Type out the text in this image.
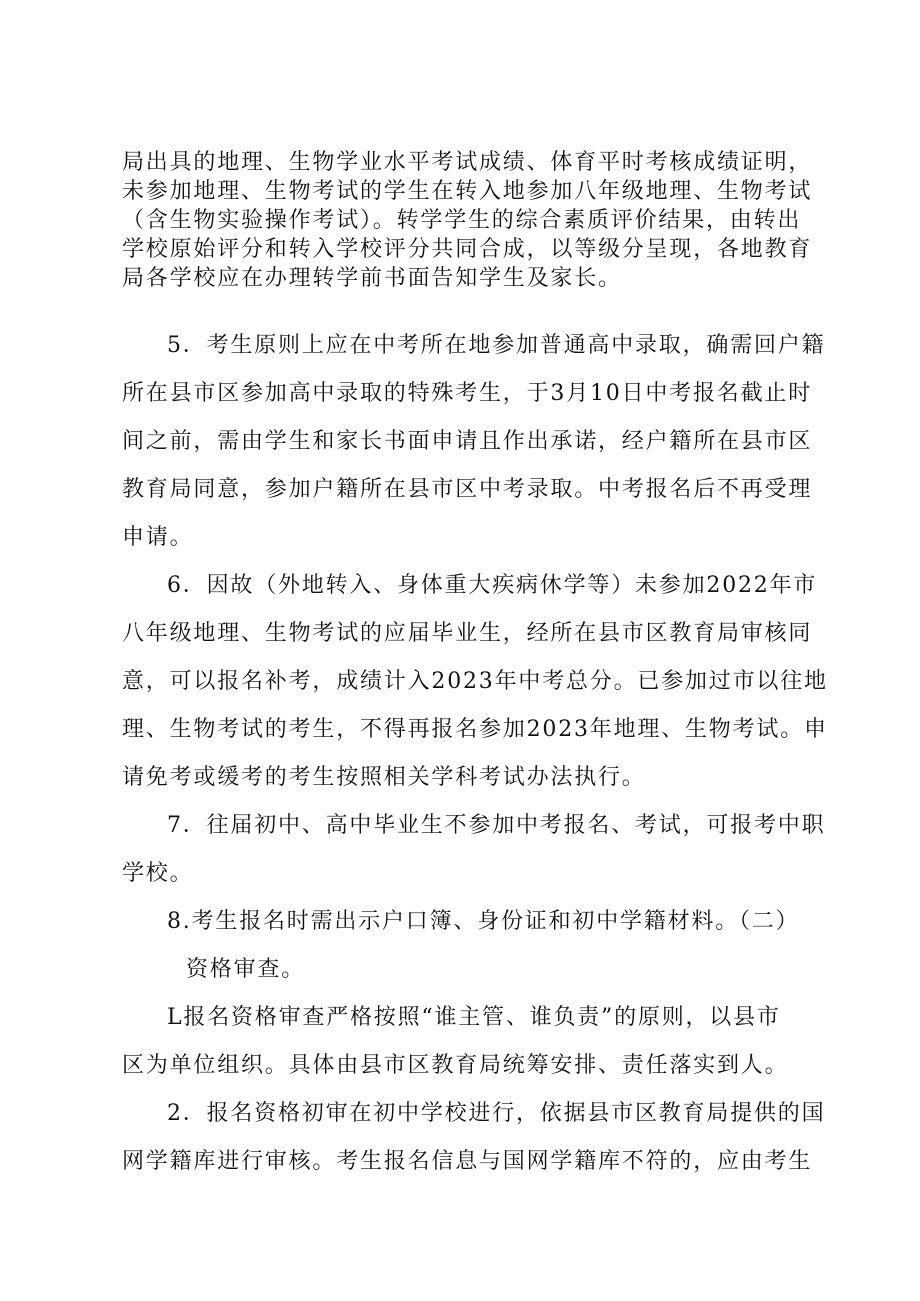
局出具的地理、生物学业水平考试成绩、体育平时考核成绩证明，

未参加地理、生物考试的学生在转入地参加八年级地理、生物考试

（含生物实验操作考试）。转学学生的综合素质评价结果，由转出

学校原始评分和转入学校评分共同合成，以等级分呈现，各地教育

局各学校应在办理转学前书面告知学生及家长。

5．考生原则上应在中考所在地参加普通高中录取，确需回户籍

所在县市区参加高中录取的特殊考生，于3月10日中考报名截止时

间之前，需由学生和家长书面申请且作出承诺，经户籍所在县市区

教育局同意，参加户籍所在县市区中考录取。中考报名后不再受理

申请。

6．因故（外地转入、身体重大疾病休学等）未参加2022年市

八年级地理、生物考试的应届毕业生，经所在县市区教育局审核同

意，可以报名补考，成绩计入2023年中考总分。已参加过市以往地

理、生物考试的考生，不得再报名参加2023年地理、生物考试。申

请免考或缓考的考生按照相关学科考试办法执行。

7．往届初中、高中毕业生不参加中考报名、考试，可报考中职

学校。

8.考生报名时需出示户口簿、身份证和初中学籍材料。（二）

资格审查。

L报名资格审查严格按照“谁主管、谁负责”的原则，以县市

区为单位组织。具体由县市区教育局统筹安排、责任落实到人。

2．报名资格初审在初中学校进行，依据县市区教育局提供的国

网学籍库进行审核。考生报名信息与国网学籍库不符的，应由考生
